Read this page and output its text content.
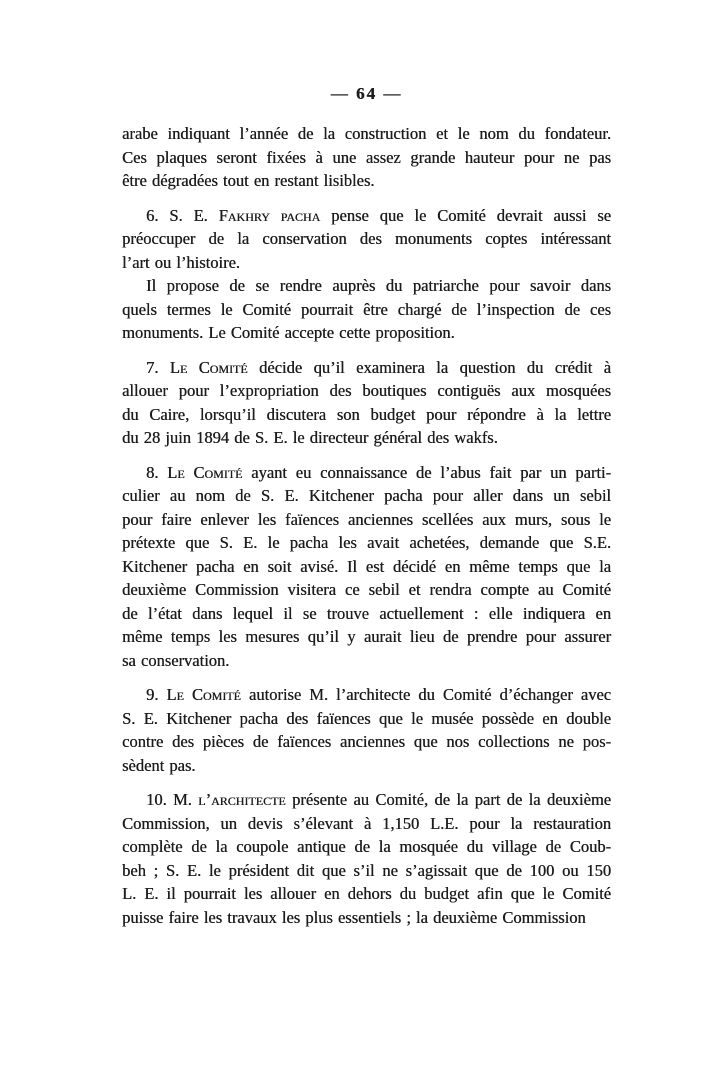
— 64 —
arabe indiquant l’année de la construction et le nom du fondateur.
Ces plaques seront fixées à une assez grande hauteur pour ne pas
être dégradées tout en restant lisibles.
6. S. E. Fakhry pacha pense que le Comité devrait aussi se
préoccuper de la conservation des monuments coptes intéressant
l’art ou l’histoire.
Il propose de se rendre auprès du patriarche pour savoir dans
quels termes le Comité pourrait être chargé de l’inspection de ces
monuments. Le Comité accepte cette proposition.
7. Le Comité décide qu’il examinera la question du crédit à
allouer pour l’expropriation des boutiques contiguës aux mosquées
du Caire, lorsqu’il discutera son budget pour répondre à la lettre
du 28 juin 1894 de S. E. le directeur général des wakfs.
8. Le Comité ayant eu connaissance de l’abus fait par un parti-
culier au nom de S. E. Kitchener pacha pour aller dans un sebil
pour faire enlever les faïences anciennes scellées aux murs, sous le
prétexte que S. E. le pacha les avait achetées, demande que S.E.
Kitchener pacha en soit avisé. Il est décidé en même temps que la
deuxième Commission visitera ce sebil et rendra compte au Comité
de l’état dans lequel il se trouve actuellement : elle indiquera en
même temps les mesures qu’il y aurait lieu de prendre pour assurer
sa conservation.
9. Le Comité autorise M. l’architecte du Comité d’échanger avec
S. E. Kitchener pacha des faïences que le musée possède en double
contre des pièces de faïences anciennes que nos collections ne pos-
sèdent pas.
10. M. l’architecte présente au Comité, de la part de la deuxième
Commission, un devis s’élevant à 1,150 L.E. pour la restauration
complète de la coupole antique de la mosquée du village de Coub-
beh ; S. E. le président dit que s’il ne s’agissait que de 100 ou 150
L. E. il pourrait les allouer en dehors du budget afin que le Comité
puisse faire les travaux les plus essentiels ; la deuxième Commission
